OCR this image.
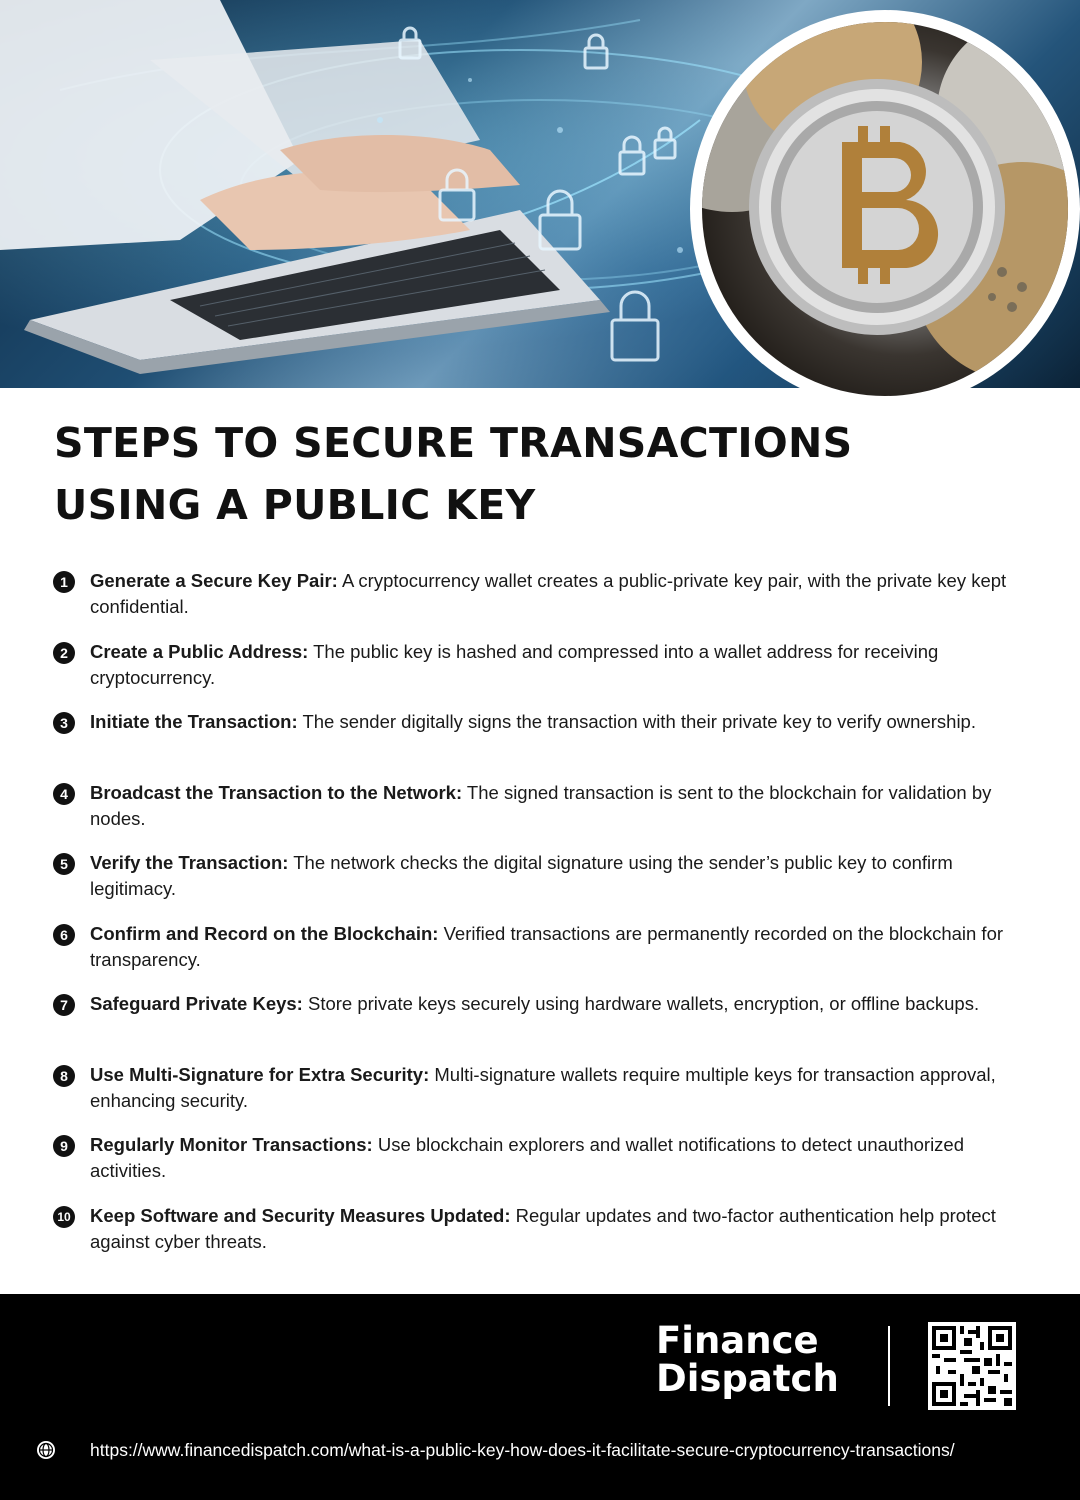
STEPS TO SECURE TRANSACTIONS
USING A PUBLIC KEY
1	Generate a Secure Key Pair: A cryptocurrency wallet creates a public-private key pair, with the private key kept confidential.

2	Create a Public Address: The public key is hashed and compressed into a wallet address for receiving cryptocurrency.

3	Initiate the Transaction: The sender digitally signs the transaction with their private key to verify ownership.

4	Broadcast the Transaction to the Network: The signed transaction is sent to the blockchain for validation by nodes.

5	Verify the Transaction: The network checks the digital signature using the sender’s public key to confirm legitimacy.

6	Confirm and Record on the Blockchain: Verified transactions are permanently recorded on the blockchain for transparency.

7	Safeguard Private Keys: Store private keys securely using hardware wallets, encryption, or offline backups.

8	Use Multi-Signature for Extra Security: Multi-signature wallets require multiple keys for transaction approval, enhancing security.

9	Regularly Monitor Transactions: Use blockchain explorers and wallet notifications to detect unauthorized activities.

10 Keep Software and Security Measures Updated: Regular updates and two-factor authentication help protect against cyber threats.

Finance
Dispatch
https://www.financedispatch.com/what-is-a-public-key-how-does-it-facilitate-secure-cryptocurrency-transactions/
